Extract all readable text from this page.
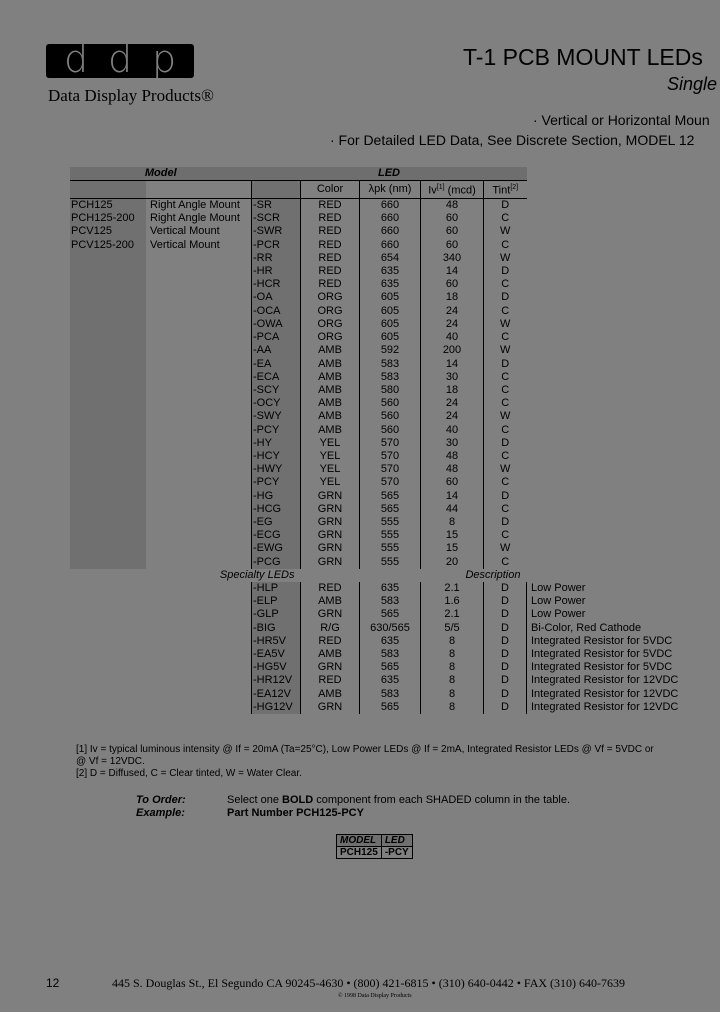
d d p
Data Display Products®
T-1 PCB MOUNT LEDs
Single
· Vertical or Horizontal Moun
· For Detailed LED Data, See Discrete Section, MODEL 12
Model		LED					
			Color	λpk (nm)	Iv[1] (mcd)	Tint[2]
PCH125	Right Angle Mount	-SR	RED	660	48	D	
PCH125-200	Right Angle Mount	-SCR	RED	660	60	C	
PCV125	Vertical Mount	-SWR	RED	660	60	W	
PCV125-200	Vertical Mount	-PCR	RED	660	60	C	
		-RR	RED	654	340	W	
		-HR	RED	635	14	D	
		-HCR	RED	635	60	C	
		-OA	ORG	605	18	D	
		-OCA	ORG	605	24	C	
		-OWA	ORG	605	24	W	
		-PCA	ORG	605	40	C	
		-AA	AMB	592	200	W	
		-EA	AMB	583	14	D	
		-ECA	AMB	583	30	C	
		-SCY	AMB	580	18	C	
		-OCY	AMB	560	24	C	
		-SWY	AMB	560	24	W	
		-PCY	AMB	560	40	C	
		-HY	YEL	570	30	D	
		-HCY	YEL	570	48	C	
		-HWY	YEL	570	48	W	
		-PCY	YEL	570	60	C	
		-HG	GRN	565	14	D	
		-HCG	GRN	565	44	C	
		-EG	GRN	555	8	D	
		-ECG	GRN	555	15	C	
		-EWG	GRN	555	15	W	
		-PCG	GRN	555	20	C	
Specialty LEDs			Description				
		-HLP	RED	635	2.1	D	Low Power
		-ELP	AMB	583	1.6	D	Low Power
		-GLP	GRN	565	2.1	D	Low Power
		-BIG	R/G	630/565	5/5	D	Bi-Color, Red Cathode
		-HR5V	RED	635	8	D	Integrated Resistor for 5VDC
		-EA5V	AMB	583	8	D	Integrated Resistor for 5VDC
		-HG5V	GRN	565	8	D	Integrated Resistor for 5VDC
		-HR12V	RED	635	8	D	Integrated Resistor for 12VDC
		-EA12V	AMB	583	8	D	Integrated Resistor for 12VDC
		-HG12V	GRN	565	8	D	Integrated Resistor for 12VDC
[1] Iv = typical luminous intensity @ If = 20mA (Ta=25°C), Low Power LEDs @ If = 2mA, Integrated Resistor LEDs @ Vf = 5VDC or
@ Vf = 12VDC.
[2] D = Diffused, C = Clear tinted, W = Water Clear.
To Order:	Select one BOLD component from each SHADED column in the table.
Example:	Part Number PCH125-PCY
MODEL	LED
PCH125	-PCY
12	445 S. Douglas St., El Segundo CA 90245-4630 • (800) 421-6815 • (310) 640-0442 • FAX (310) 640-7639
© 1998 Data Display Products
